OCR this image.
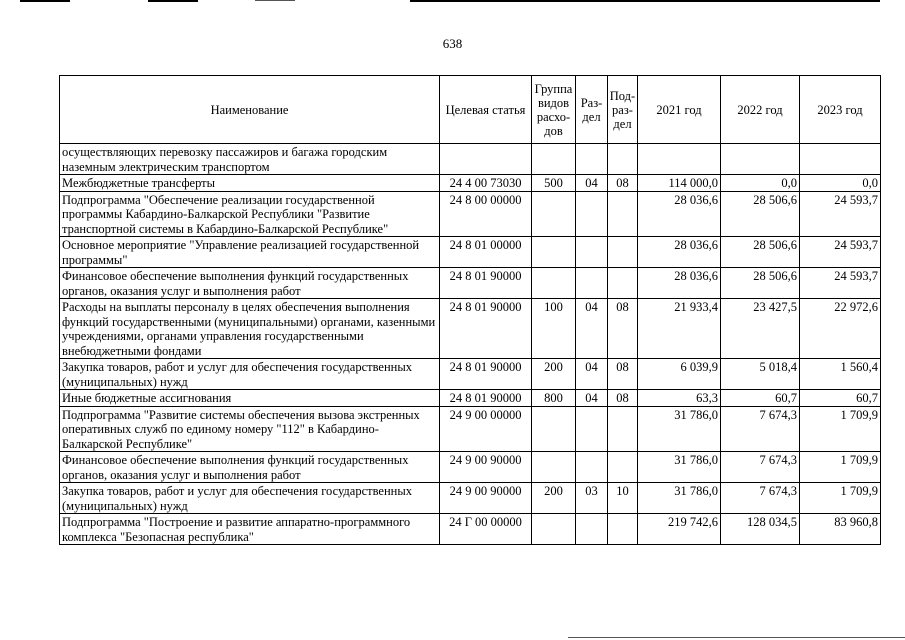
638
Наименование	Целевая статья	Группа видов расхо-дов	Раз-дел	Под-раз-дел	2021 год	2022 год	2023 год
осуществляющих перевозку пассажиров и багажа городским наземным электрическим транспортом							
Межбюджетные трансферты	24 4 00 73030	500	04	08	114 000,0	0,0	0,0
Подпрограмма "Обеспечение реализации государственной программы Кабардино-Балкарской Республики "Развитие транспортной системы в Кабардино-Балкарской Республике"	24 8 00 00000				28 036,6	28 506,6	24 593,7
Основное мероприятие "Управление реализацией государственной программы"	24 8 01 00000				28 036,6	28 506,6	24 593,7
Финансовое обеспечение выполнения функций государственных органов, оказания услуг и выполнения работ	24 8 01 90000				28 036,6	28 506,6	24 593,7
Расходы на выплаты персоналу в целях обеспечения выполнения функций государственными (муниципальными) органами, казенными учреждениями, органами управления государственными внебюджетными фондами	24 8 01 90000	100	04	08	21 933,4	23 427,5	22 972,6
Закупка товаров, работ и услуг для обеспечения государственных (муниципальных) нужд	24 8 01 90000	200	04	08	6 039,9	5 018,4	1 560,4
Иные бюджетные ассигнования	24 8 01 90000	800	04	08	63,3	60,7	60,7
Подпрограмма "Развитие системы обеспечения вызова экстренных оперативных служб по единому номеру "112" в Кабардино-Балкарской Республике"	24 9 00 00000				31 786,0	7 674,3	1 709,9
Финансовое обеспечение выполнения функций государственных органов, оказания услуг и выполнения работ	24 9 00 90000				31 786,0	7 674,3	1 709,9
Закупка товаров, работ и услуг для обеспечения государственных (муниципальных) нужд	24 9 00 90000	200	03	10	31 786,0	7 674,3	1 709,9
Подпрограмма "Построение и развитие аппаратно-программного комплекса "Безопасная республика"	24 Г 00 00000				219 742,6	128 034,5	83 960,8
